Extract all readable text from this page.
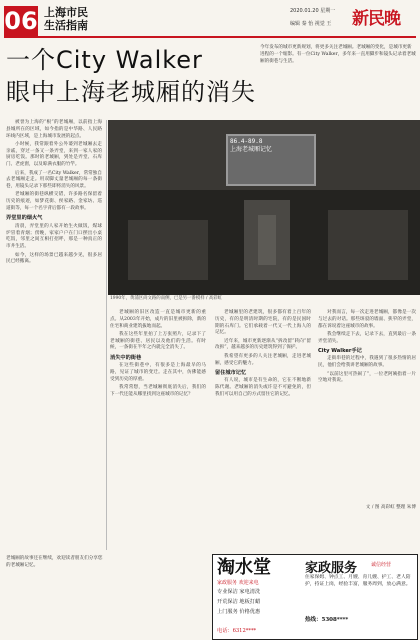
06 上海市民
生活指南
2020.01.20 星期一
编辑 秦 怡 视觉 王 新民晚
一个City Walker
眼中上海老城厢的消失
今年发布的城市更新规划，将更多关注老城厢。老城厢的变化，是城市更新进程的一个缩影。有一位City Walker，多年来一直用脚步和镜头记录着老城厢的街巷与生活。
86.4-89.8
上海老城厢记忆
1990年，黄浦区尚文路的南侧，已是另一番模样 / 高彩虹

被誉为上海的“根”的老城厢，以前指上海县城所在的区域，如今指的是中华路、人民路环线内区域，是上海城市发展的起点。

小时候，我常跟着外公外婆到老城厢去走亲戚，穿过一条又一条弄堂，来到一家人家的厨房吃饭。那时的老城厢，到处是弄堂、石库门、老虎窗，以及晾满衣服的竹竿。

后来，我成了一名City Walker，常常独自去老城厢走走。用双脚丈量老城厢的每一条街巷，用镜头记录下那些即将消失的风景。

老城厢的街巷纵横交错，许多路名保留着历史的痕迹，如梦花街、侯家路、金家坊、巡道街等，每一个名字背后都有一段故事。

弄堂里的烟火气

清晨，弄堂里的人家开始生火做饭，煤球炉冒着青烟；傍晚，家家户户在门口摆出小桌吃饭，邻里之间互相打招呼，那是一种真正的市井生活。

如今，这样的场景已越来越少见，很多居民已经搬离。

老城厢的旧区改造一直是城市更新的重点。从2003年开始，成片的旧里被拆除，新的住宅和商业建筑拔地而起。

我在这些年里拍了上万张照片，记录下了老城厢的街巷、居民以及他们的生活。有时候，一条街在半年之内就完全消失了。

消失中的街巷

在这些街巷中，有很多是上海最早的马路，见证了城市的变迁。走在其中，仿佛能感受到历史的厚重。

我常常想，当老城厢彻底消失后，我们的下一代还能从哪里找到这座城市的记忆？

老城厢里的老建筑，很多都有着上百年的历史，有的是明清时期的宅院，有的是民国时期的石库门。它们承载着一代又一代上海人的记忆。

近年来，城市更新逐渐从“拆改留”转向“留改拆”，越来越多的历史建筑得到了保护。

我希望有更多的人关注老城厢，走进老城厢，感受它的魅力。

留住城市记忆

有人说，城市是有生命的，它在不断地新陈代谢。老城厢的消失或许是不可避免的，但我们可以用自己的方式留住它的记忆。

对我而言，每一次走进老城厢，都像是一次与过去的对话。那些斑驳的墙面、狭窄的弄堂，都在诉说着这座城市的故事。

我会继续走下去，记录下去，直到最后一条弄堂消失。

City Walker手记

走街串巷的过程中，我遇到了很多热情的居民，他们会给我讲老城厢的故事。

“以前这里可热闹了”，一位老阿姨指着一片空地对我说。

文 / 图 高彩虹 整理 朱博
老城厢的故事还在继续，欢迎读者朋友们分享您的老城厢记忆。	淘水堂
家政服务 欢迎来电
专业保洁 家电清洗
开荒保洁 地板打蜡
上门服务 价格优惠
电话：6312****
家政服务	诚信经营
住家保姆、钟点工、月嫂、育儿嫂、护工、老人陪护，持证上岗，经验丰富，服务周到，放心满意。
热线：5308****
